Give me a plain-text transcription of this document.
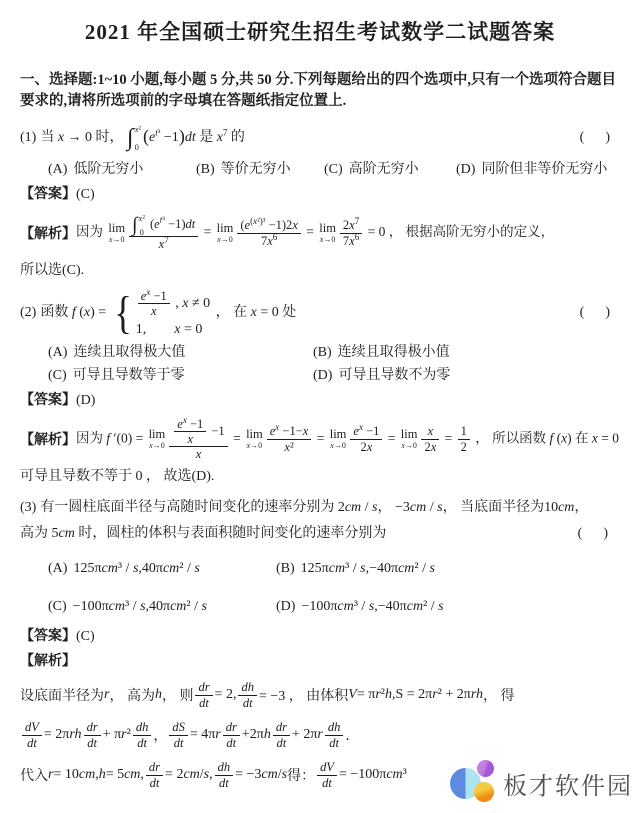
2021 年全国硕士研究生招生考试数学二试题答案
一、选择题:1~10 小题,每小题 5 分,共 50 分.下列每题给出的四个选项中,只有一个选项符合题目要求的,请将所选项前的字母填在答题纸指定位置上.
(1) 当 x → 0 时， ∫ x²
0
$(e^{t^3} -1)dt$ 是 $x^7$ 的	(      )
(A) 低阶无穷小	(B) 等价无穷小	(C) 高阶无穷小	(D) 同阶但非等价无穷小
【答案】(C)
【解析】 因为 lim
x→0 ∫ x²
0
$(e^{t^3} -1)dt$
$x^7 = \lim$
$x\to 0 \frac{(e^{(x^2)^3} -1)2x}{7x^6} = \lim$
$x\to 0 \frac{2x^7}{7x^6} = 0$ ， 根据高阶无穷小的定义，
所以选(C).
(2) 函数 f (x) = { $\frac{e^x -1}{x}$ , x ≠ 0
1, x = 0
， 在 x = 0 处	(      )
(A) 连续且取得极大值	(B) 连续且取得极小值
(C) 可导且导数等于零	(D) 可导且导数不为零
【答案】(D)
【解析】 因为 f ′(0) = lim
$x\to 0 \frac{\frac{e^x -1}{x} -1}{x} = \lim$
$x\to 0 \frac{e^x -1-x}{\text{x²}} = \lim$
$x\to 0 \frac{e^x -1}{2x} = \lim$
$x\to 0 \frac{x}{2x} = \frac{1}{2}$ ， 所以函数 f (x) 在 x = 0
可导且导数不等于 0 ， 故选(D).
(3) 有一圆柱底面半径与高随时间变化的速率分别为 2cm / s， −3cm / s， 当底面半径为10cm，
高为 5cm 时，圆柱的体积与表面积随时间变化的速率分别为	(      )
(A) 125πcm³ / s,40πcm² / s	(B) 125πcm³ / s,−40πcm² / s
(C) −100πcm³ / s,40πcm² / s	(D) −100πcm³ / s,−40πcm² / s
【答案】(C)
【解析】
设底面半径为 r ， 高为 h ， 则 $\frac{dr}{dt} = 2$, $\frac{dh}{dt} = -3$ ， 由体积 V = π r ² h ,S = 2π r ² + 2π rh ， 得
$\frac{dV}{dt} = 2\pi$ rh $\frac{dr}{dt} + \pi$ r $^2 \frac{dh}{dt}$ ， $\frac{dS}{dt} = 4\pi$ r $\frac{dr}{dt} +2\pi$ h $\frac{dr}{dt} + 2\pi$ r $\frac{dh}{dt}$ ．
代入 r = 10 cm , h = 5 cm , $\frac{dr}{dt} = 2$ cm / s , $\frac{dh}{dt} = -3$ cm / s 得： $\frac{dV}{dt} = -100\pi$ cm ³	板才软件园
